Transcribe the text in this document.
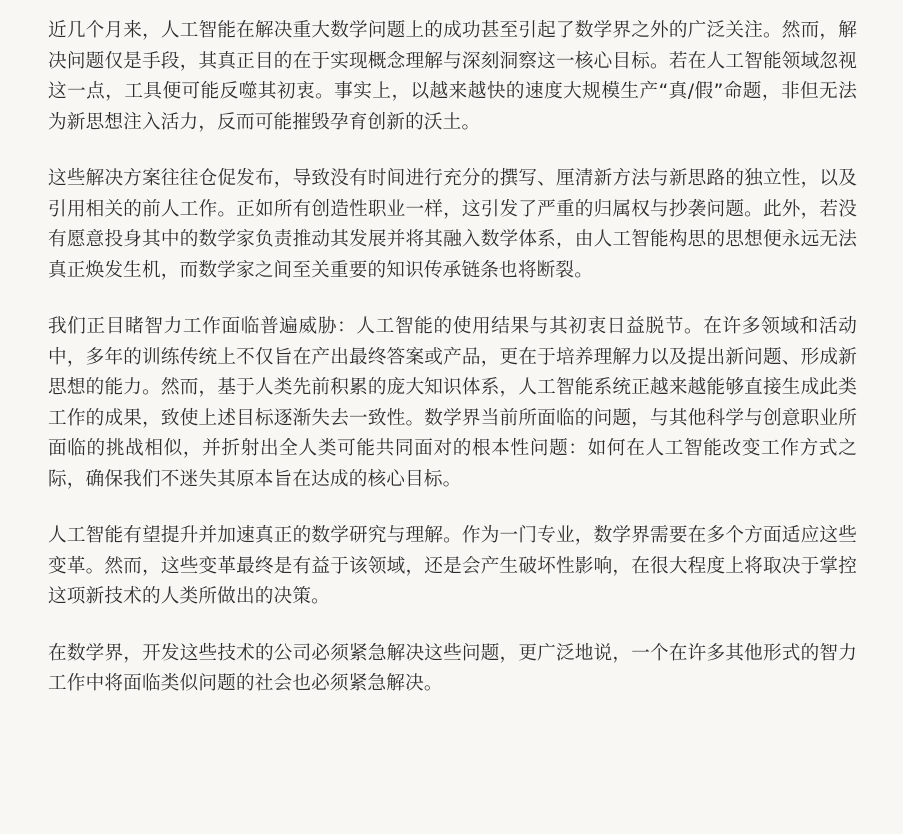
近几个月来，人工智能在解决重大数学问题上的成功甚至引起了数学界之外的广泛关注。然而，解决问题仅是手段，其真正目的在于实现概念理解与深刻洞察这一核心目标。若在人工智能领域忽视这一点，工具便可能反噬其初衷。事实上，以越来越快的速度大规模生产“真/假”命题，非但无法为新思想注入活力，反而可能摧毁孕育创新的沃土。

这些解决方案往往仓促发布，导致没有时间进行充分的撰写、厘清新方法与新思路的独立性，以及引用相关的前人工作。正如所有创造性职业一样，这引发了严重的归属权与抄袭问题。此外，若没有愿意投身其中的数学家负责推动其发展并将其融入数学体系，由人工智能构思的思想便永远无法真正焕发生机，而数学家之间至关重要的知识传承链条也将断裂。

我们正目睹智力工作面临普遍威胁：人工智能的使用结果与其初衷日益脱节。在许多领域和活动中，多年的训练传统上不仅旨在产出最终答案或产品，更在于培养理解力以及提出新问题、形成新思想的能力。然而，基于人类先前积累的庞大知识体系，人工智能系统正越来越能够直接生成此类工作的成果，致使上述目标逐渐失去一致性。数学界当前所面临的问题，与其他科学与创意职业所面临的挑战相似，并折射出全人类可能共同面对的根本性问题：如何在人工智能改变工作方式之际，确保我们不迷失其原本旨在达成的核心目标。

人工智能有望提升并加速真正的数学研究与理解。作为一门专业，数学界需要在多个方面适应这些变革。然而，这些变革最终是有益于该领域，还是会产生破坏性影响，在很大程度上将取决于掌控这项新技术的人类所做出的决策。

在数学界，开发这些技术的公司必须紧急解决这些问题，更广泛地说，一个在许多其他形式的智力工作中将面临类似问题的社会也必须紧急解决。
